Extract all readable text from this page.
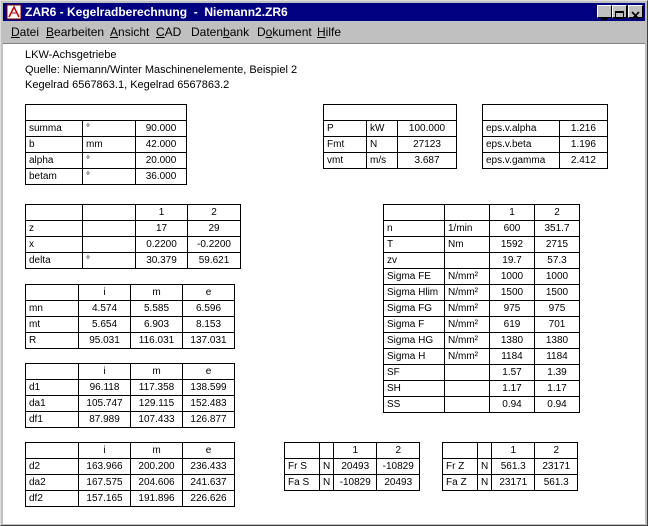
ZAR6 - Kegelradberechnung  -  Niemann2.ZR6
Datei Bearbeiten Ansicht CAD Datenbank Dokument Hilfe
LKW-Achsgetriebe
Quelle: Niemann/Winter Maschinenelemente, Beispiel 2
Kegelrad 6567863.1, Kegelrad 6567863.2

summa	°	90.000
b	mm	42.000
alpha	°	20.000
betam	°	36.000

P	kW	100.000
Fmt	N	27123
vmt	m/s	3.687

eps.v.alpha	1.216
eps.v.beta	1.196
eps.v.gamma	2.412
		1	2
z		17	29
x		0.2200	-0.2200
delta	°	30.379	59.621
	i	m	e
mn	4.574	5.585	6.596
mt	5.654	6.903	8.153
R	95.031	116.031	137.031
	i	m	e
d1	96.118	117.358	138.599
da1	105.747	129.115	152.483
df1	87.989	107.433	126.877
	i	m	e
d2	163.966	200.200	236.433
da2	167.575	204.606	241.637
df2	157.165	191.896	226.626
		1	2
n	1/min	600	351.7
T	Nm	1592	2715
zv		19.7	57.3
Sigma FE	N/mm²	1000	1000
Sigma Hlim	N/mm²	1500	1500
Sigma FG	N/mm²	975	975
Sigma F	N/mm²	619	701
Sigma HG	N/mm²	1380	1380
Sigma H	N/mm²	1184	1184
SF		1.57	1.39
SH		1.17	1.17
SS		0.94	0.94
		1	2
Fr S	N	20493	-10829
Fa S	N	-10829	20493
		1	2
Fr Z	N	561.3	23171
Fa Z	N	23171	561.3
